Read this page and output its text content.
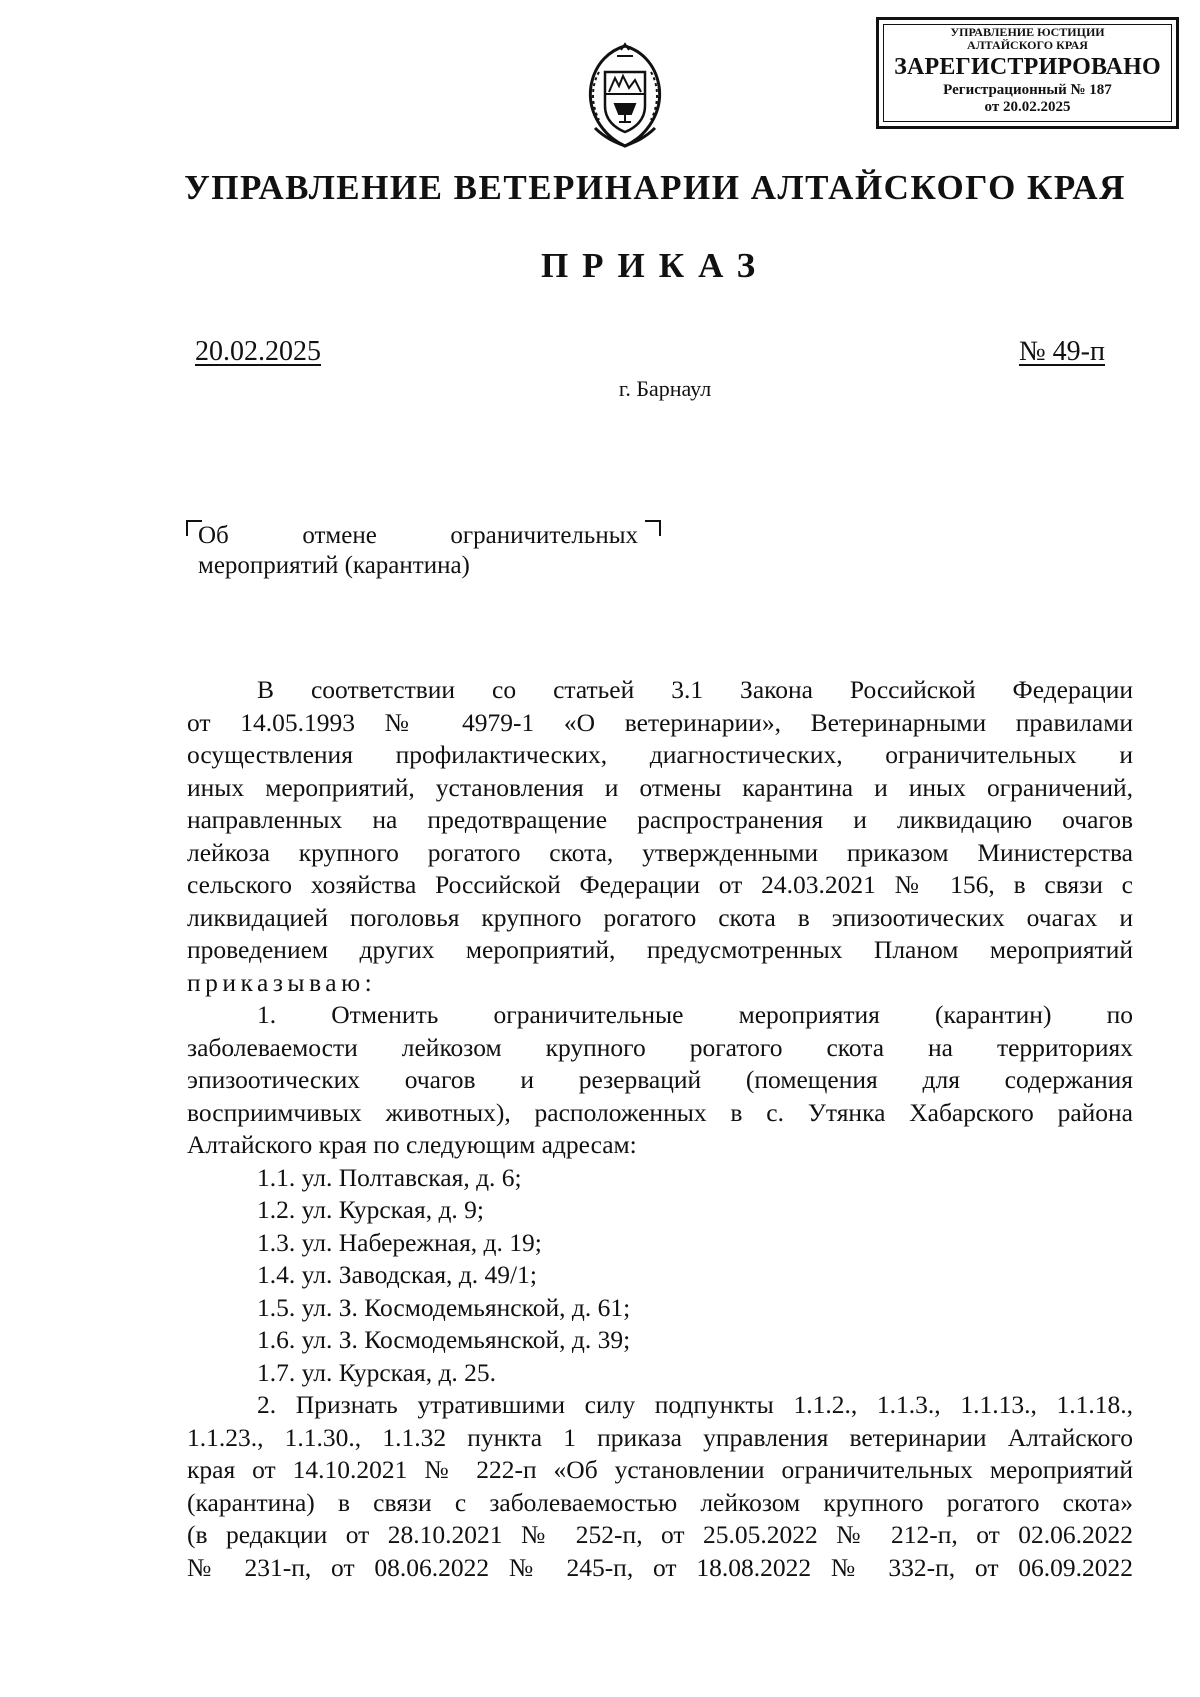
УПРАВЛЕНИЕ ЮСТИЦИИ
АЛТАЙСКОГО КРАЯ
ЗАРЕГИСТРИРОВАНО
Регистрационный № 187
от 20.02.2025
УПРАВЛЕНИЕ ВЕТЕРИНАРИИ АЛТАЙСКОГО КРАЯ
ПРИКАЗ
20.02.2025	№ 49-п
г. Барнаул
Об отмене ограничительных
мероприятий (карантина)
В соответствии со статьей 3.1 Закона Российской Федерации
от 14.05.1993 № 4979-1 «О ветеринарии», Ветеринарными правилами
осуществления профилактических, диагностических, ограничительных и
иных мероприятий, установления и отмены карантина и иных ограничений,
направленных на предотвращение распространения и ликвидацию очагов
лейкоза крупного рогатого скота, утвержденными приказом Министерства
сельского хозяйства Российской Федерации от 24.03.2021 № 156, в связи с
ликвидацией поголовья крупного рогатого скота в эпизоотических очагах и
проведением других мероприятий, предусмотренных Планом мероприятий
приказываю:
1. Отменить ограничительные мероприятия (карантин) по
заболеваемости лейкозом крупного рогатого скота на территориях
эпизоотических очагов и резерваций (помещения для содержания
восприимчивых животных), расположенных в с. Утянка Хабарского района
Алтайского края по следующим адресам:
1.1. ул. Полтавская, д. 6;
1.2. ул. Курская, д. 9;
1.3. ул. Набережная, д. 19;
1.4. ул. Заводская, д. 49/1;
1.5. ул. З. Космодемьянской, д. 61;
1.6. ул. З. Космодемьянской, д. 39;
1.7. ул. Курская, д. 25.
2. Признать утратившими силу подпункты 1.1.2., 1.1.3., 1.1.13., 1.1.18.,
1.1.23., 1.1.30., 1.1.32 пункта 1 приказа управления ветеринарии Алтайского
края от 14.10.2021 № 222-п «Об установлении ограничительных мероприятий
(карантина) в связи с заболеваемостью лейкозом крупного рогатого скота»
(в редакции от 28.10.2021 № 252-п, от 25.05.2022 № 212-п, от 02.06.2022
№ 231-п, от 08.06.2022 № 245-п, от 18.08.2022 № 332-п, от 06.09.2022
